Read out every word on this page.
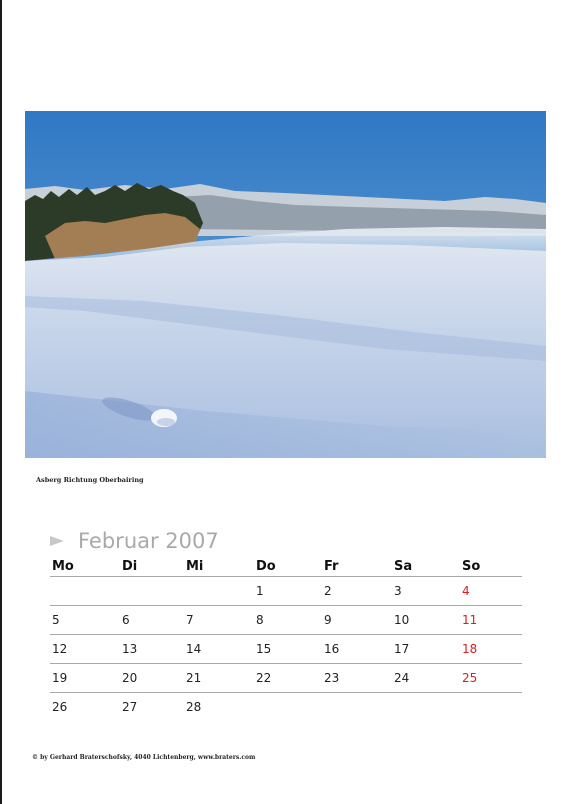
Asberg Richtung Oberbairing
Februar 2007
Mo	Di	Mi	Do	Fr	Sa	So
			1	2	3	4
5	6	7	8	9	10	11
12	13	14	15	16	17	18
19	20	21	22	23	24	25
26	27	28				
© by Gerhard Braterschofsky, 4040 Lichtenberg, www.braters.com
